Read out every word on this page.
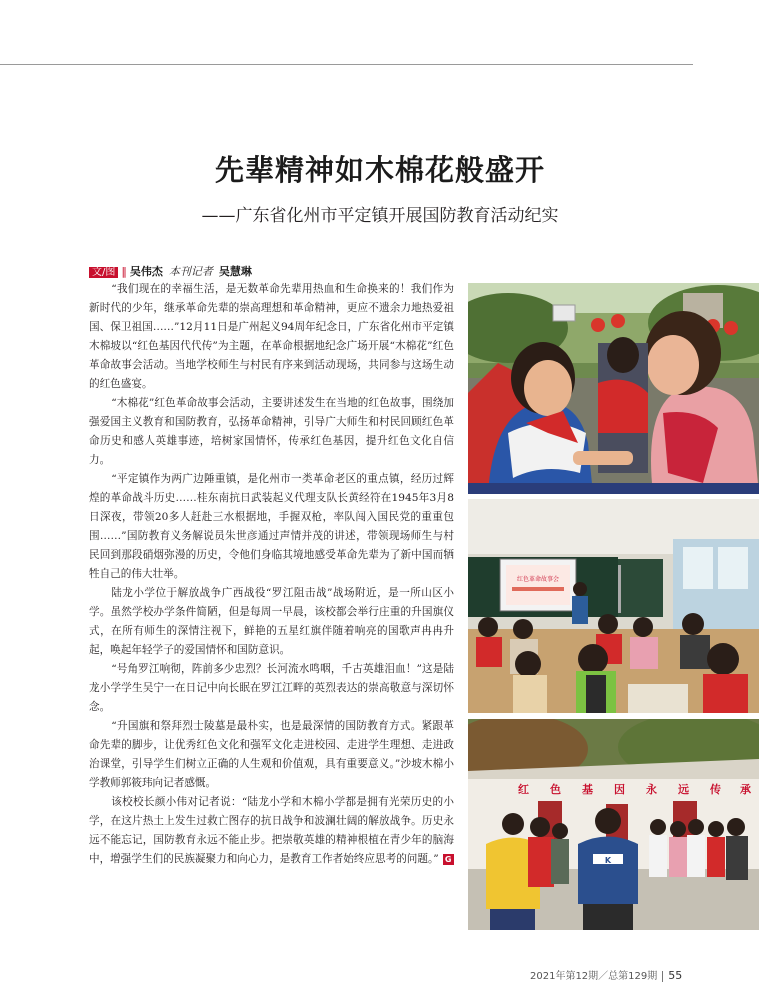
先辈精神如木棉花般盛开
——广东省化州市平定镇开展国防教育活动纪实
文/图 ‖ 吴伟杰 本刊记者 吴慧琳

“我们现在的幸福生活，是无数革命先辈用热血和生命换来的！我们作为新时代的少年，继承革命先辈的崇高理想和革命精神，更应不遗余力地热爱祖国、保卫祖国……”12月11日是广州起义94周年纪念日，广东省化州市平定镇木棉坡以“红色基因代代传”为主题，在革命根据地纪念广场开展“木棉花”红色革命故事会活动。当地学校师生与村民有序来到活动现场，共同参与这场生动的红色盛宴。

“木棉花”红色革命故事会活动，主要讲述发生在当地的红色故事，围绕加强爱国主义教育和国防教育，弘扬革命精神，引导广大师生和村民回顾红色革命历史和感人英雄事迹，培树家国情怀，传承红色基因，提升红色文化自信力。

“平定镇作为两广边陲重镇，是化州市一类革命老区的重点镇，经历过辉煌的革命战斗历史……桂东南抗日武装起义代理支队长黄经符在1945年3月8日深夜，带领20多人赶赴三水根据地，手握双枪，率队闯入国民党的重重包围……”国防教育义务解说员朱世彦通过声情并茂的讲述，带领现场师生与村民回到那段硝烟弥漫的历史，令他们身临其境地感受革命先辈为了新中国而牺牲自己的伟大壮举。

陆龙小学位于解放战争广西战役“罗江阻击战”战场附近，是一所山区小学。虽然学校办学条件简陋，但是每周一早晨，该校都会举行庄重的升国旗仪式，在所有师生的深情注视下，鲜艳的五星红旗伴随着响亮的国歌声冉冉升起，唤起年轻学子的爱国情怀和国防意识。

“号角罗江响彻，阵前多少忠烈？长河流水鸣咽，千古英雄泪血！”这是陆龙小学学生吴宁一在日记中向长眠在罗江江畔的英烈表达的崇高敬意与深切怀念。

“升国旗和祭拜烈士陵墓是最朴实，也是最深情的国防教育方式。紧跟革命先辈的脚步，让优秀红色文化和强军文化走进校园、走进学生理想、走进政治课堂，引导学生们树立正确的人生观和价值观，具有重要意义。”沙坡木棉小学教师郭筱玮向记者感慨。

该校校长颜小伟对记者说：“陆龙小学和木棉小学都是拥有光荣历史的小学，在这片热土上发生过救亡图存的抗日战争和波澜壮阔的解放战争。历史永远不能忘记，国防教育永远不能止步。把崇敬英雄的精神根植在青少年的脑海中，增强学生们的民族凝聚力和向心力，是教育工作者始终应思考的问题。” G

红色革命故事会
红 色 基 因 永 远 传 承
K
2021年第12期／总第129期 55
